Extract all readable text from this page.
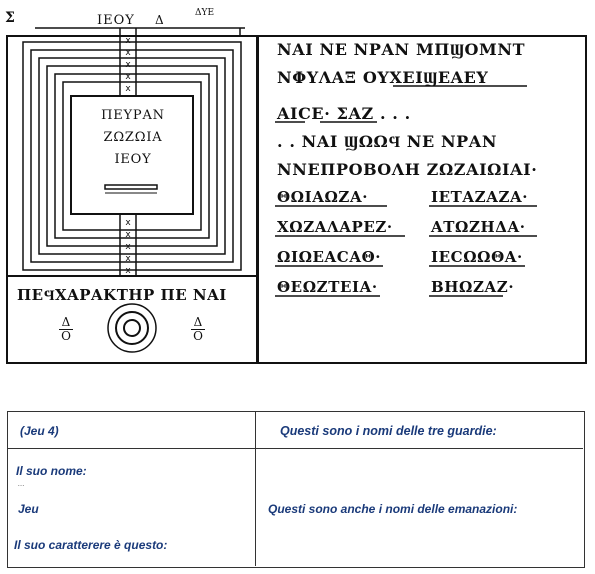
x
x
x
x
x
x
x
x
x
x
Σ	ΙΕΟΥ Δ	ΔΥΕ
ΠΕΥΡΑΝ
ΖΩΖΩΙΑ
ΙΕΟΥ
ΠΕϤΧΑΡΑΚΤΗΡ ΠΕ ΝΑΙ
$\frac{\Delta}{O}$	$\frac{\Delta}{O}$
ΝΑΙ ΝΕ ΝΡΑΝ ΜΠϢΟΜΝΤ
ΝΦΥΛΑΞ ΟΥΧΕΙϢΕΑΕΥ
ΑΙϹΕ· ΣΑΖ . . .
. . ΝΑΙ ϢΩΩϤ ΝΕ ΝΡΑΝ
ΝΝΕΠΡΟΒΟΛΗ ΖΩΖΑΙΩΙΑΙ·
ΘΩΙΑΩΖΑ·	ΙΕΤΑΖΑΖΑ·
ΧΩΖΑΛΑΡΕΖ·	ΑΤΩΖΗΔΑ·
ΩΙΩΕΑϹΑΘ·	ΙΕϹΩΩΘΑ·
ΘΕΩΖΤΕΙΑ·	ΒΗΩΖΑΖ·
(Jeu 4)	Questi sono i nomi delle tre guardie:
Il suo nome:
...
Jeu
Il suo caratterere è questo:
Questi sono anche i nomi delle emanazioni:
